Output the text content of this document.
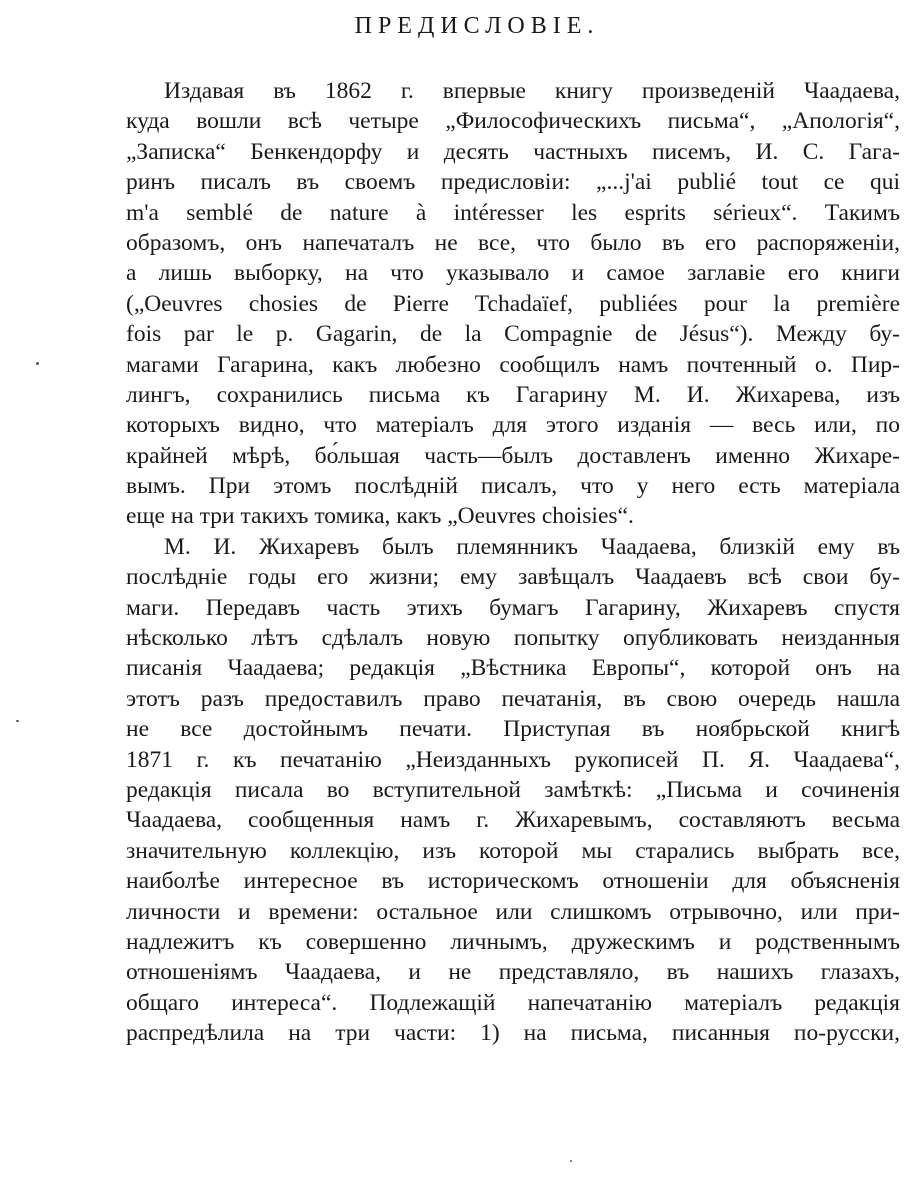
ПРЕДИСЛОВІЕ.
Издавая въ 1862 г. впервые книгу произведеній Чаадаева,
куда вошли всѣ четыре „Философическихъ письма“, „Апологія“,
„Записка“ Бенкендорфу и десять частныхъ писемъ, И. С. Гага-
ринъ писалъ въ своемъ предисловіи: „...j'ai publié tout ce qui
m'a semblé de nature à intéresser les esprits sérieux“. Такимъ
образомъ, онъ напечаталъ не все, что было въ его распоряженіи,
а лишь выборку, на что указывало и самое заглавіе его книги
(„Oeuvres chosies de Pierre Tchadaïef, publiées pour la première
fois par le p. Gagarin, de la Compagnie de Jésus“). Между бу-
магами Гагарина, какъ любезно сообщилъ намъ почтенный о. Пир-
лингъ, сохранились письма къ Гагарину М. И. Жихарева, изъ
которыхъ видно, что матеріалъ для этого изданія — весь или, по
крайней мѣрѣ, бо́льшая часть—былъ доставленъ именно Жихаре-
вымъ. При этомъ послѣдній писалъ, что у него есть матеріала
еще на три такихъ томика, какъ „Oeuvres choisies“.
М. И. Жихаревъ былъ племянникъ Чаадаева, близкій ему въ
послѣдніе годы его жизни; ему завѣщалъ Чаадаевъ всѣ свои бу-
маги. Передавъ часть этихъ бумагъ Гагарину, Жихаревъ спустя
нѣсколько лѣтъ сдѣлалъ новую попытку опубликовать неизданныя
писанія Чаадаева; редакція „Вѣстника Европы“, которой онъ на
этотъ разъ предоставилъ право печатанія, въ свою очередь нашла
не все достойнымъ печати. Приступая въ ноябрьской книгѣ
1871 г. къ печатанію „Неизданныхъ рукописей П. Я. Чаадаева“,
редакція писала во вступительной замѣткѣ: „Письма и сочиненія
Чаадаева, сообщенныя намъ г. Жихаревымъ, составляютъ весьма
значительную коллекцію, изъ которой мы старались выбрать все,
наиболѣе интересное въ историческомъ отношеніи для объясненія
личности и времени: остальное или слишкомъ отрывочно, или при-
надлежитъ къ совершенно личнымъ, дружескимъ и родственнымъ
отношеніямъ Чаадаева, и не представляло, въ нашихъ глазахъ,
общаго интереса“. Подлежащій напечатанію матеріалъ редакція
распредѣлила на три части: 1) на письма, писанныя по-русски,
